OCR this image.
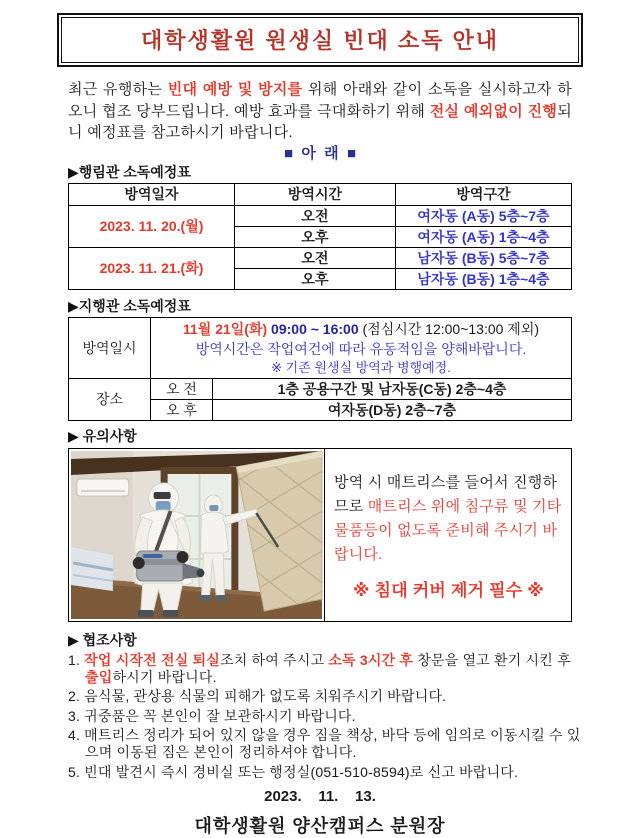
대학생활원 원생실 빈대 소독 안내

최근 유행하는 빈대 예방 및 방지를 위해 아래와 같이 소독을 실시하고자 하오니 협조 당부드립니다. 예방 효과를 극대화하기 위해 전실 예외없이 진행되니 예정표를 참고하시기 바랍니다.

■  아  래  ■
▶행림관 소독예정표
방역일자	방역시간	방역구간
2023. 11. 20.(월)	오전	여자동 (A동) 5층~7층
	오후	여자동 (A동) 1층~4층
2023. 11. 21.(화)	오전	남자동 (B동) 5층~7층
	오후	남자동 (B동) 1층~4층
▶지행관 소독예정표
방역일시	11월 21일(화) 09:00 ~ 16:00 (점심시간 12:00~13:00 제외)
방역시간은 작업여건에 따라 유동적임을 양해바랍니다.
※ 기존 원생실 방역과 병행예정.	

장소	오 전	1층 공용구간 및 남자동(C동) 2층~4층
	오 후	여자동(D동) 2층~7층
▶ 유의사항
방역 시 매트리스를 들어서 진행하므로 매트리스 위에 침구류 및 기타 물품등이 없도록 준비해 주시기 바랍니다.
※ 침대 커버 제거 필수 ※
▶ 협조사항
1. 작업 시작전 전실 퇴실조치 하여 주시고 소독 3시간 후 창문을 열고 환기 시킨 후 출입하시기 바랍니다.
2. 음식물, 관상용 식물의 피해가 없도록 치워주시기 바랍니다.
3. 귀중품은 꼭 본인이 잘 보관하시기 바랍니다.
4. 매트리스 정리가 되어 있지 않을 경우 짐을 책상, 바닥 등에 임의로 이동시킬 수 있으며 이동된 짐은 본인이 정리하셔야 합니다.
5. 빈대 발견시 즉시 경비실 또는 행정실(051-510-8594)로 신고 바랍니다.
2023.    11.    13.
대학생활원 양산캠퍼스 분원장
